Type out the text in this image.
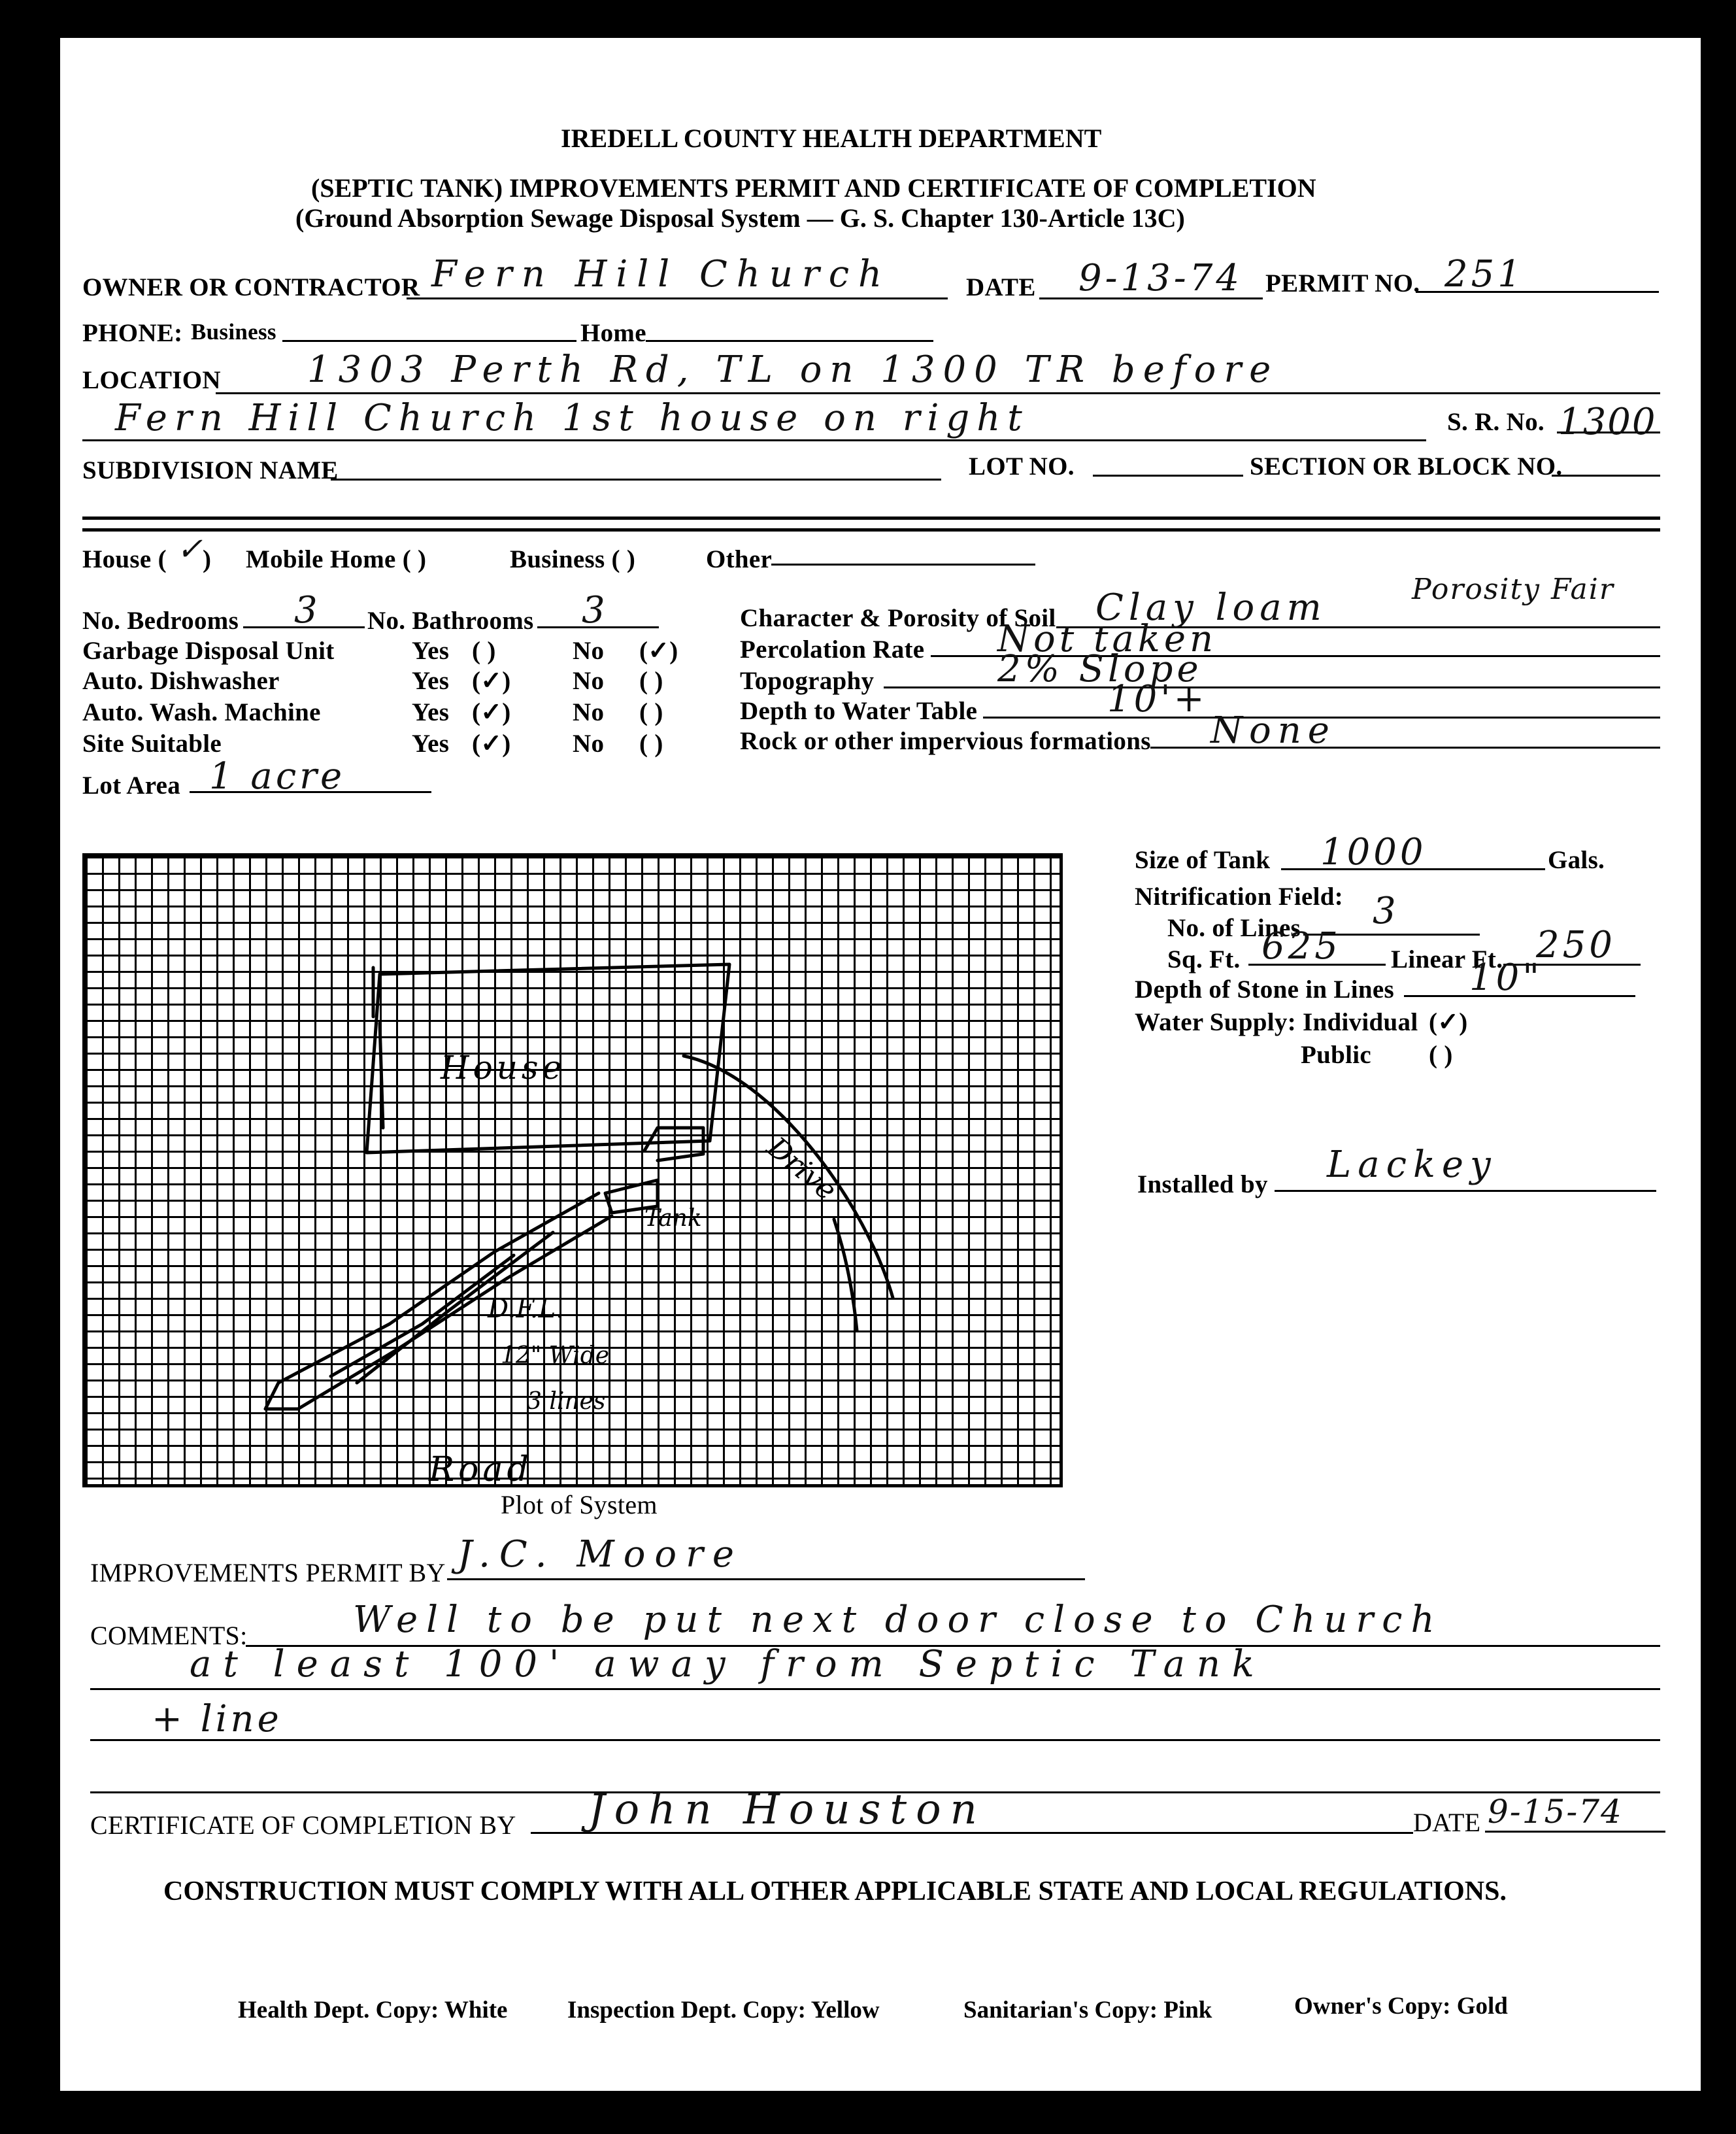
IREDELL COUNTY HEALTH DEPARTMENT
(SEPTIC TANK) IMPROVEMENTS PERMIT AND CERTIFICATE OF COMPLETION
(Ground Absorption Sewage Disposal System — G. S. Chapter 130-Article 13C)
OWNER OR CONTRACTOR Fern Hill Church	DATE 9-13-74 PERMIT NO. 251
PHONE: Business	Home
LOCATION 1303 Perth Rd, TL on 1300 TR before
Fern Hill Church 1st house on right	S. R. No. 1300
SUBDIVISION NAME	LOT NO.	SECTION OR BLOCK NO.
House ( ✓ ) Mobile Home ( )	Business ( )	Other
No. Bedrooms 3 No. Bathrooms 3
Garbage Disposal Unit	Yes ( )	No (✓)
Auto. Dishwasher	Yes (✓) No ( )
Auto. Wash. Machine	Yes (✓) No ( )
Site Suitable	Yes (✓) No ( )
Lot Area 1 acre
Character & Porosity of Soil Clay loam	Porosity Fair
Percolation Rate Not taken
Topography	2% Slope
Depth to Water Table	10'+
Rock or other impervious formations None
House
Drive
Tank
D.F.L.
12" Wide
3 lines
Road
Plot of System
Size of Tank 1000	Gals.
Nitrification Field:
No. of Lines 3
Sq. Ft. 625 Linear Ft. 250
Depth of Stone in Lines 10"
Water Supply: Individual (✓)
Public ( )
Installed by Lackey
IMPROVEMENTS PERMIT BY J.C. Moore
COMMENTS:	Well to be put next door close to Church
at least 100' away from Septic Tank
+ line
CERTIFICATE OF COMPLETION BY John Houston	DATE 9-15-74
CONSTRUCTION MUST COMPLY WITH ALL OTHER APPLICABLE STATE AND LOCAL REGULATIONS.
Health Dept. Copy: White Inspection Dept. Copy: Yellow	Sanitarian's Copy: Pink	Owner's Copy: Gold
